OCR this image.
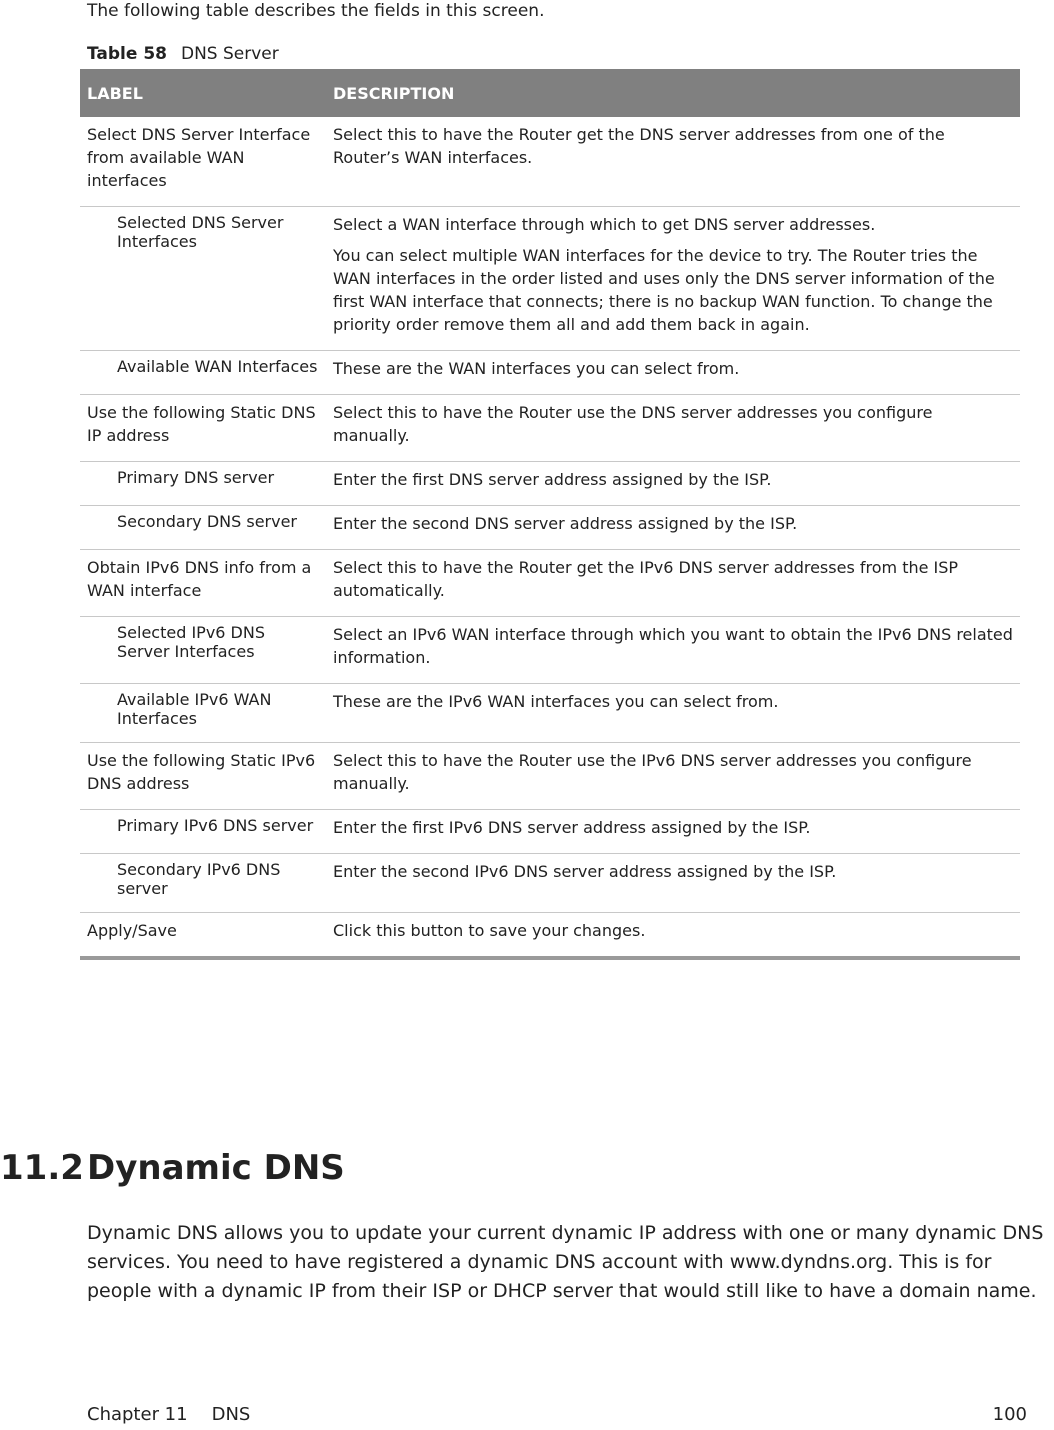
The following table describes the fields in this screen.
Table 58 DNS Server
LABEL	DESCRIPTION
Select DNS Server Interface from available WAN interfaces	Select this to have the Router get the DNS server addresses from one of the Router’s WAN interfaces.

Selected DNS Server Interfaces	Select a WAN interface through which to get DNS server addresses.

You can select multiple WAN interfaces for the device to try. The Router tries the WAN interfaces in the order listed and uses only the DNS server information of the first WAN interface that connects; there is no backup WAN function. To change the priority order remove them all and add them back in again.

Available WAN Interfaces	These are the WAN interfaces you can select from.

Use the following Static DNS IP address	Select this to have the Router use the DNS server addresses you configure manually.

Primary DNS server	Enter the first DNS server address assigned by the ISP.

Secondary DNS server	Enter the second DNS server address assigned by the ISP.

Obtain IPv6 DNS info from a WAN interface	Select this to have the Router get the IPv6 DNS server addresses from the ISP automatically.

Selected IPv6 DNS Server Interfaces	Select an IPv6 WAN interface through which you want to obtain the IPv6 DNS related information.

Available IPv6 WAN Interfaces	These are the IPv6 WAN interfaces you can select from.

Use the following Static IPv6 DNS address	Select this to have the Router use the IPv6 DNS server addresses you configure manually.

Primary IPv6 DNS server	Enter the first IPv6 DNS server address assigned by the ISP.

Secondary IPv6 DNS server	Enter the second IPv6 DNS server address assigned by the ISP.

Apply/Save	Click this button to save your changes.

11.2Dynamic DNS
Dynamic DNS allows you to update your current dynamic IP address with one or many dynamic DNS services. You need to have registered a dynamic DNS account with www.dyndns.org. This is for people with a dynamic IP from their ISP or DHCP server that would still like to have a domain name.
Chapter 11 DNS	100
